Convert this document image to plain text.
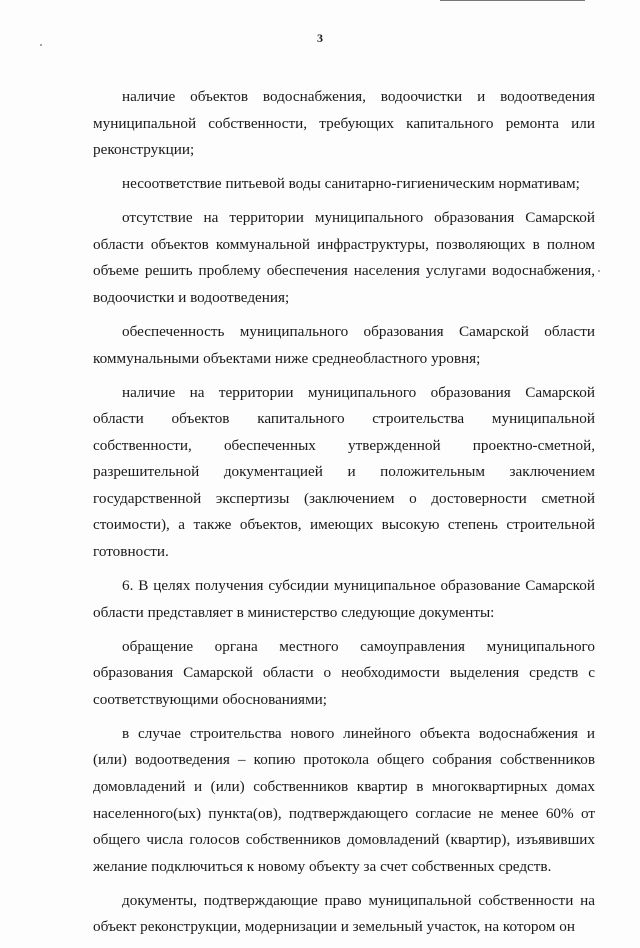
3

наличие объектов водоснабжения, водоочистки и водоотведения муниципальной собственности, требующих капитального ремонта или реконструкции;

несоответствие питьевой воды санитарно-гигиеническим нормативам;

отсутствие на территории муниципального образования Самарской области объектов коммунальной инфраструктуры, позволяющих в полном объеме решить проблему обеспечения населения услугами водоснабжения, водоочистки и водоотведения;

обеспеченность муниципального образования Самарской области коммунальными объектами ниже среднеобластного уровня;

наличие на территории муниципального образования Самарской области объектов капитального строительства муниципальной собственности, обеспеченных утвержденной проектно-сметной, разрешительной документацией и положительным заключением государственной экспертизы (заключением о достоверности сметной стоимости), а также объектов, имеющих высокую степень строительной готовности.

6. В целях получения субсидии муниципальное образование Самарской области представляет в министерство следующие документы:

обращение органа местного самоуправления муниципального образования Самарской области о необходимости выделения средств с соответствующими обоснованиями;

в случае строительства нового линейного объекта водоснабжения и (или) водоотведения – копию протокола общего собрания собственников домовладений и (или) собственников квартир в многоквартирных домах населенного(ых) пункта(ов), подтверждающего согласие не менее 60% от общего числа голосов собственников домовладений (квартир), изъявивших желание подключиться к новому объекту за счет собственных средств.

документы, подтверждающие право муниципальной собственности на объект реконструкции, модернизации и земельный участок, на котором он
